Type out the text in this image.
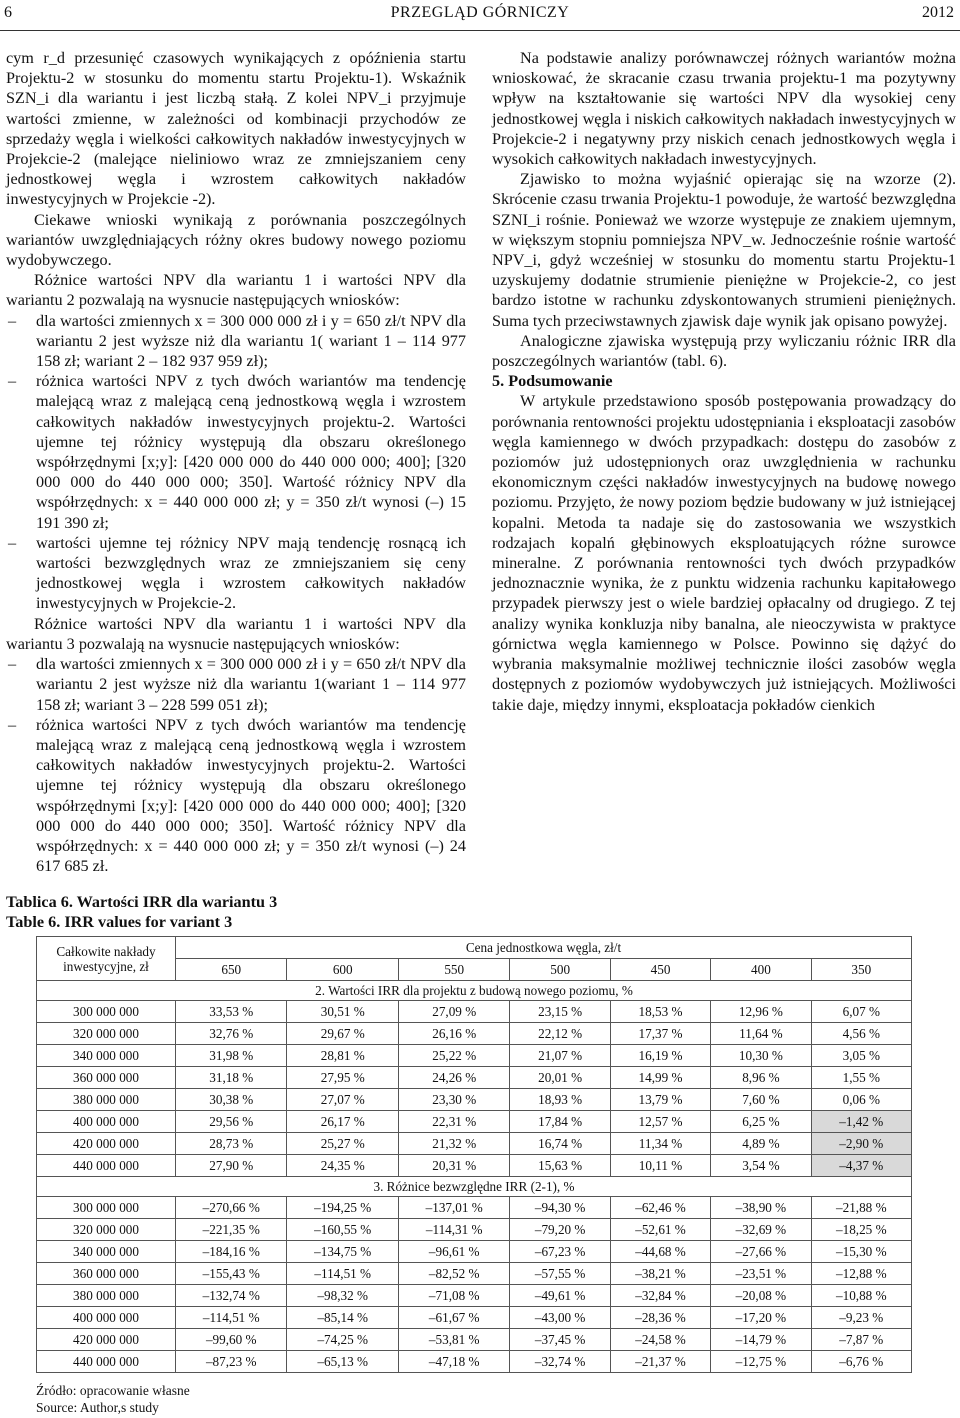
6	PRZEGLĄD GÓRNICZY	2012

cym r_d przesunięć czasowych wynikających z opóźnienia startu Projektu-2 w stosunku do momentu startu Projektu-1). Wskaźnik SZN_i dla wariantu i jest liczbą stałą. Z kolei NPV_i przyjmuje wartości zmienne, w zależności od kombinacji przychodów ze sprzedaży węgla i wielkości całkowitych nakładów inwestycyjnych w Projekcie-2 (malejące nieliniowo wraz ze zmniejszaniem ceny jednostkowej węgla i wzrostem całkowitych nakładów inwestycyjnych w Projekcie -2).

Ciekawe wnioski wynikają z porównania poszczególnych wariantów uwzględniających różny okres budowy nowego poziomu wydobywczego.

Różnice wartości NPV dla wariantu 1 i wartości NPV dla wariantu 2 pozwalają na wysnucie następujących wniosków:

– dla wartości zmiennych x = 300 000 000 zł i y = 650 zł/t NPV dla wariantu 2 jest wyższe niż dla wariantu 1( wariant 1 – 114 977 158 zł; wariant 2 – 182 937 959 zł);
– różnica wartości NPV z tych dwóch wariantów ma tendencję malejącą wraz z malejącą ceną jednostkową węgla i wzrostem całkowitych nakładów inwestycyjnych projektu-2. Wartości ujemne tej różnicy występują dla obszaru określonego współrzędnymi [x;y]: [420 000 000 do 440 000 000; 400]; [320 000 000 do 440 000 000; 350]. Wartość różnicy NPV dla współrzędnych: x = 440 000 000 zł; y = 350 zł/t wynosi (–) 15 191 390 zł;
– wartości ujemne tej różnicy NPV mają tendencję rosnącą ich wartości bezwzględnych wraz ze zmniejszaniem się ceny jednostkowej węgla i wzrostem całkowitych nakładów inwestycyjnych w Projekcie-2.

Różnice wartości NPV dla wariantu 1 i wartości NPV dla wariantu 3 pozwalają na wysnucie następujących wniosków:

– dla wartości zmiennych x = 300 000 000 zł i y = 650 zł/t NPV dla wariantu 2 jest wyższe niż dla wariantu 1(wariant 1 – 114 977 158 zł; wariant 3 – 228 599 051 zł);
– różnica wartości NPV z tych dwóch wariantów ma tendencję malejącą wraz z malejącą ceną jednostkową węgla i wzrostem całkowitych nakładów inwestycyjnych projektu-2. Wartości ujemne tej różnicy występują dla obszaru określonego współrzędnymi [x;y]: [420 000 000 do 440 000 000; 400]; [320 000 000 do 440 000 000; 350]. Wartość różnicy NPV dla współrzędnych: x = 440 000 000 zł; y = 350 zł/t wynosi (–) 24 617 685 zł.
Tablica 6. Wartości IRR dla wariantu 3
Table 6. IRR values for variant 3

Na podstawie analizy porównawczej różnych wariantów można wnioskować, że skracanie czasu trwania projektu-1 ma pozytywny wpływ na kształtowanie się wartości NPV dla wysokiej ceny jednostkowej węgla i niskich całkowitych nakładach inwestycyjnych w Projekcie-2 i negatywny przy niskich cenach jednostkowych węgla i wysokich całkowitych nakładach inwestycyjnych.

Zjawisko to można wyjaśnić opierając się na wzorze (2). Skrócenie czasu trwania Projektu-1 powoduje, że wartość bezwzględna SZNI_i rośnie. Ponieważ we wzorze występuje ze znakiem ujemnym, w większym stopniu pomniejsza NPV_w. Jednocześnie rośnie wartość NPV_i, gdyż wcześniej w stosunku do momentu startu Projektu-1 uzyskujemy dodatnie strumienie pieniężne w Projekcie-2, co jest bardzo istotne w rachunku zdyskontowanych strumieni pieniężnych. Suma tych przeciwstawnych zjawisk daje wynik jak opisano powyżej.

Analogiczne zjawiska występują przy wyliczaniu różnic IRR dla poszczególnych wariantów (tabl. 6).

5. Podsumowanie

W artykule przedstawiono sposób postępowania prowadzący do porównania rentowności projektu udostępniania i eksploatacji zasobów węgla kamiennego w dwóch przypadkach: dostępu do zasobów z poziomów już udostępnionych oraz uwzględnienia w rachunku ekonomicznym części nakładów inwestycyjnych na budowę nowego poziomu. Przyjęto, że nowy poziom będzie budowany w już istniejącej kopalni. Metoda ta nadaje się do zastosowania we wszystkich rodzajach kopalń głębinowych eksploatujących różne surowce mineralne. Z porównania rentowności tych dwóch przypadków jednoznacznie wynika, że z punktu widzenia rachunku kapitałowego przypadek pierwszy jest o wiele bardziej opłacalny od drugiego. Z tej analizy wynika konkluzja niby banalna, ale nieoczywista w praktyce górnictwa węgla kamiennego w Polsce. Powinno się dążyć do wybrania maksymalnie możliwej technicznie ilości zasobów węgla dostępnych z poziomów wydobywczych już istniejących. Możliwości takie daje, między innymi, eksploatacja pokładów cienkich

Całkowite nakłady inwestycyjne, zł	Cena jednostkowa węgla, zł/t						
	650	600	550	500	450	400	350
2. Wartości IRR dla projektu z budową nowego poziomu, %							
300 000 000	33,53 %	30,51 %	27,09 %	23,15 %	18,53 %	12,96 %	6,07 %
320 000 000	32,76 %	29,67 %	26,16 %	22,12 %	17,37 %	11,64 %	4,56 %
340 000 000	31,98 %	28,81 %	25,22 %	21,07 %	16,19 %	10,30 %	3,05 %
360 000 000	31,18 %	27,95 %	24,26 %	20,01 %	14,99 %	8,96 %	1,55 %
380 000 000	30,38 %	27,07 %	23,30 %	18,93 %	13,79 %	7,60 %	0,06 %
400 000 000	29,56 %	26,17 %	22,31 %	17,84 %	12,57 %	6,25 %	–1,42 %
420 000 000	28,73 %	25,27 %	21,32 %	16,74 %	11,34 %	4,89 %	–2,90 %
440 000 000	27,90 %	24,35 %	20,31 %	15,63 %	10,11 %	3,54 %	–4,37 %
3. Różnice bezwzględne IRR (2-1), %							
300 000 000	–270,66 %	–194,25 %	–137,01 %	–94,30 %	–62,46 %	–38,90 %	–21,88 %
320 000 000	–221,35 %	–160,55 %	–114,31 %	–79,20 %	–52,61 %	–32,69 %	–18,25 %
340 000 000	–184,16 %	–134,75 %	–96,61 %	–67,23 %	–44,68 %	–27,66 %	–15,30 %
360 000 000	–155,43 %	–114,51 %	–82,52 %	–57,55 %	–38,21 %	–23,51 %	–12,88 %
380 000 000	–132,74 %	–98,32 %	–71,08 %	–49,61 %	–32,84 %	–20,08 %	–10,88 %
400 000 000	–114,51 %	–85,14 %	–61,67 %	–43,00 %	–28,36 %	–17,20 %	–9,23 %
420 000 000	–99,60 %	–74,25 %	–53,81 %	–37,45 %	–24,58 %	–14,79 %	–7,87 %
440 000 000	–87,23 %	–65,13 %	–47,18 %	–32,74 %	–21,37 %	–12,75 %	–6,76 %
Źródło: opracowanie własne
Source: Author,s study
